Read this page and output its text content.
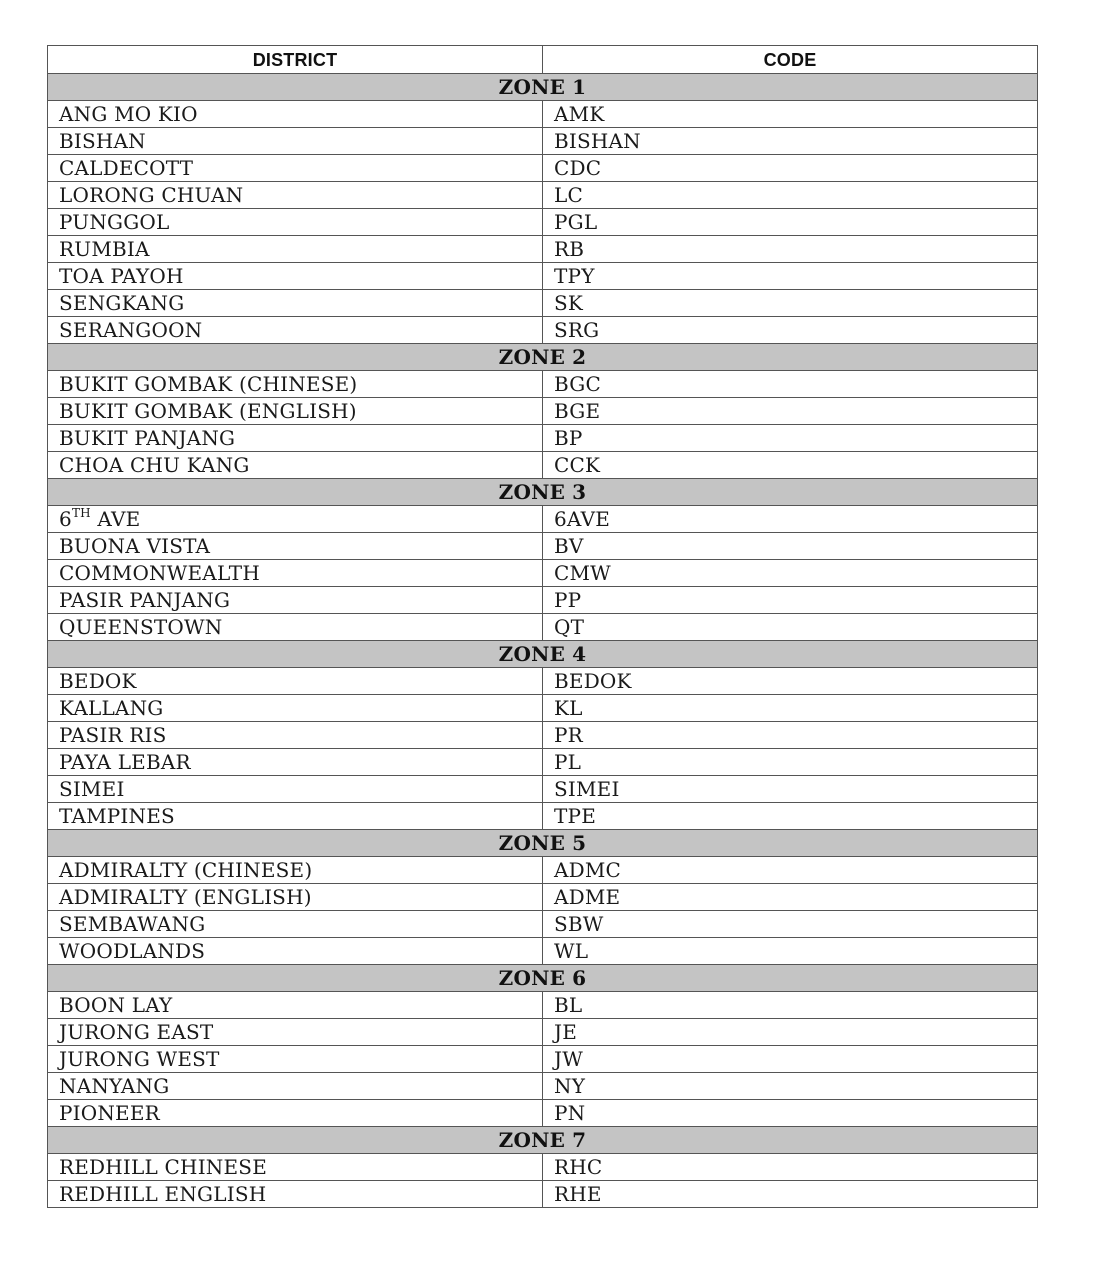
DISTRICT	CODE
ZONE 1	
ANG MO KIO	AMK
BISHAN	BISHAN
CALDECOTT	CDC
LORONG CHUAN	LC
PUNGGOL	PGL
RUMBIA	RB
TOA PAYOH	TPY
SENGKANG	SK
SERANGOON	SRG
ZONE 2	
BUKIT GOMBAK (CHINESE)	BGC
BUKIT GOMBAK (ENGLISH)	BGE
BUKIT PANJANG	BP
CHOA CHU KANG	CCK
ZONE 3	
6TH AVE	6AVE
BUONA VISTA	BV
COMMONWEALTH	CMW
PASIR PANJANG	PP
QUEENSTOWN	QT
ZONE 4	
BEDOK	BEDOK
KALLANG	KL
PASIR RIS	PR
PAYA LEBAR	PL
SIMEI	SIMEI
TAMPINES	TPE
ZONE 5	
ADMIRALTY (CHINESE)	ADMC
ADMIRALTY (ENGLISH)	ADME
SEMBAWANG	SBW
WOODLANDS	WL
ZONE 6	
BOON LAY	BL
JURONG EAST	JE
JURONG WEST	JW
NANYANG	NY
PIONEER	PN
ZONE 7	
REDHILL CHINESE	RHC
REDHILL ENGLISH	RHE
